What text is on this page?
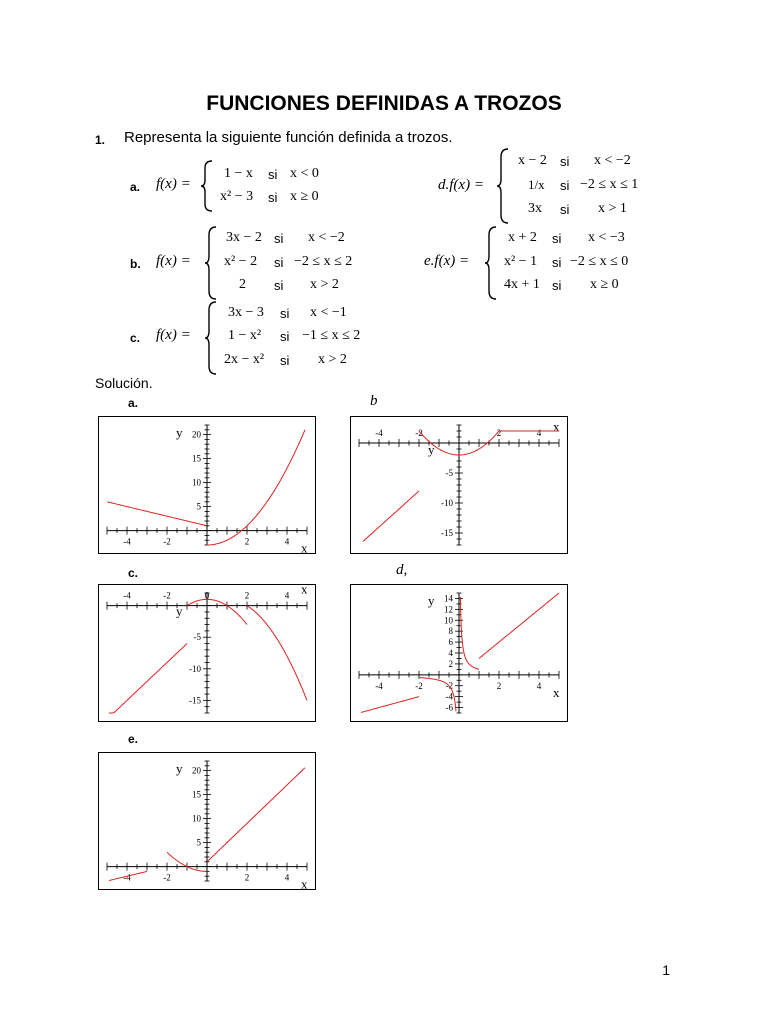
FUNCIONES DEFINIDAS A TROZOS
1. Representa la siguiente función definida a trozos.
a. f(x) =
1 − x si x < 0
x² − 3 si x ≥ 0
b. f(x) =
3x − 2 si x < −2
x² − 2 si −2 ≤ x ≤ 2
2 si x > 2
c. f(x) =
3x − 3 si x < −1
1 − x² si −1 ≤ x ≤ 2
2x − x² si x > 2
d.f(x) =
x − 2 si x < −2
1/x si −2 ≤ x ≤ 1
3x si x > 1
e.f(x) =
x + 2 si x < −3
x² − 1 si −2 ≤ x ≤ 0
4x + 1 si x ≥ 0
Solución.
a.	b
c.	d,
e.
-4	-2	2	4
20
15
10
5
x
y	-4	-2	2	4
-5
-10
-15
x
y
-4	-2	0	2	4
-5
-10
-15
x
y
-4	-2	2	4
14
12
10
8
6
4
2
-2
-4
-6
x
y
-4	-2	2	4
20
15
10
5
x
y
1
